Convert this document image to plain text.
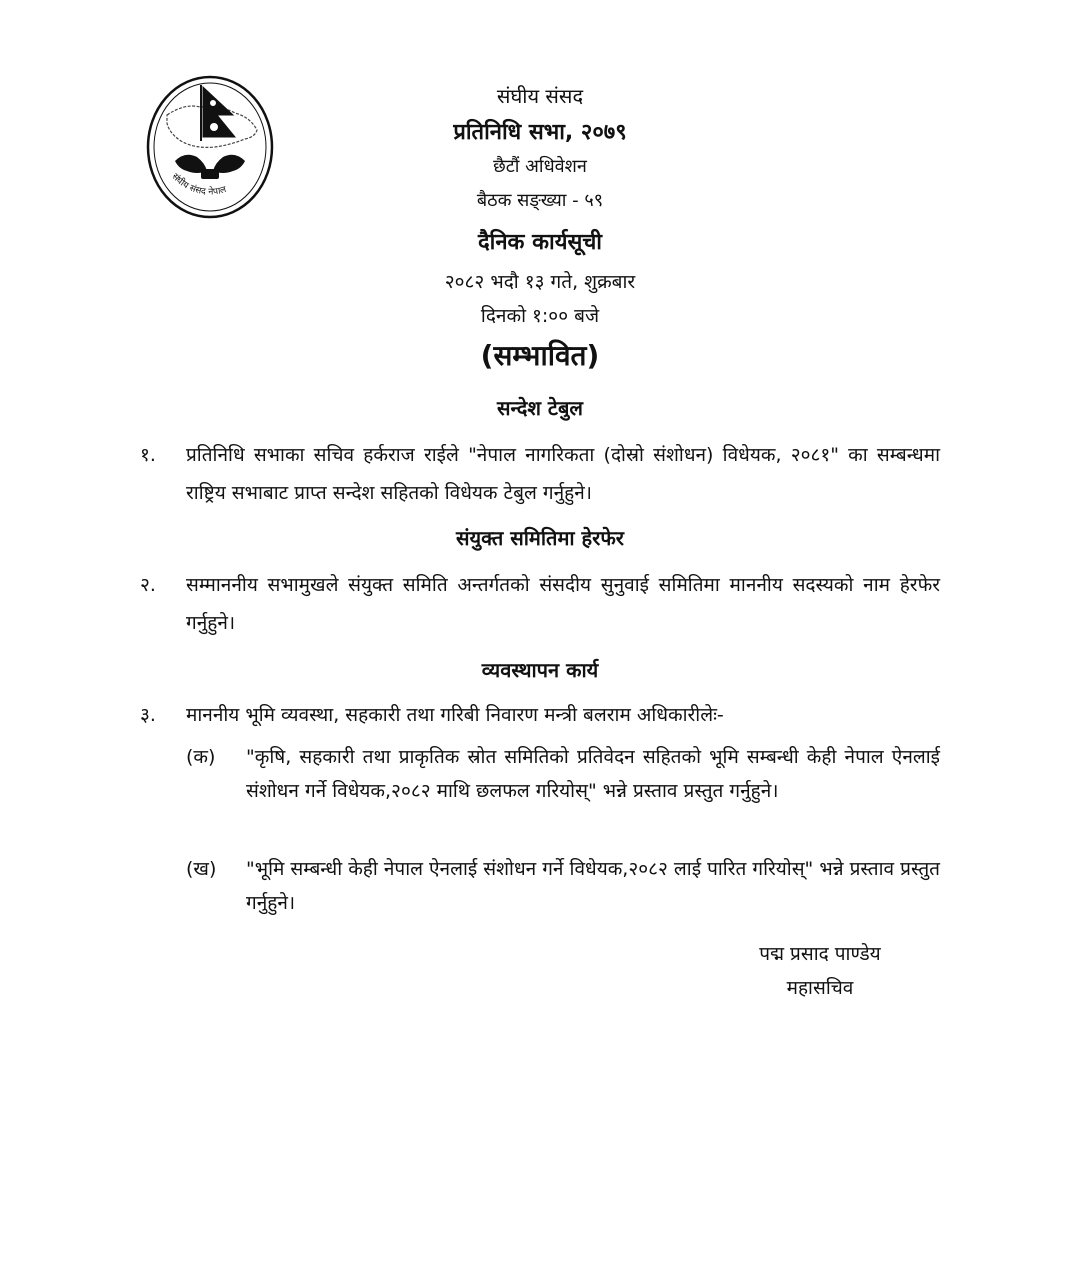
संघीय संसद नेपाल
संघीय संसद
प्रतिनिधि सभा, २०७९
छैटौं अधिवेशन
बैठक सङ्ख्या - ५९
दैनिक कार्यसूची
२०८२ भदौ १३ गते, शुक्रबार
दिनको १:०० बजे
(सम्भावित)
सन्देश टेबुल
१. प्रतिनिधि सभाका सचिव हर्कराज राईले "नेपाल नागरिकता (दोस्रो संशोधन) विधेयक, २०८१" का सम्बन्धमा राष्ट्रिय सभाबाट प्राप्त सन्देश सहितको विधेयक टेबुल गर्नुहुने।
संयुक्त समितिमा हेरफेर
२. सम्माननीय सभामुखले संयुक्त समिति अन्तर्गतको संसदीय सुनुवाई समितिमा माननीय सदस्यको नाम हेरफेर गर्नुहुने।
व्यवस्थापन कार्य
३. माननीय भूमि व्यवस्था, सहकारी तथा गरिबी निवारण मन्त्री बलराम अधिकारीलेः-
(क) "कृषि, सहकारी तथा प्राकृतिक स्रोत समितिको प्रतिवेदन सहितको भूमि सम्बन्धी केही नेपाल ऐनलाई संशोधन गर्ने विधेयक,२०८२ माथि छलफल गरियोस्" भन्ने प्रस्ताव प्रस्तुत गर्नुहुने।
(ख) "भूमि सम्बन्धी केही नेपाल ऐनलाई संशोधन गर्ने विधेयक,२०८२ लाई पारित गरियोस्" भन्ने प्रस्ताव प्रस्तुत गर्नुहुने।
पद्म प्रसाद पाण्डेय
महासचिव
